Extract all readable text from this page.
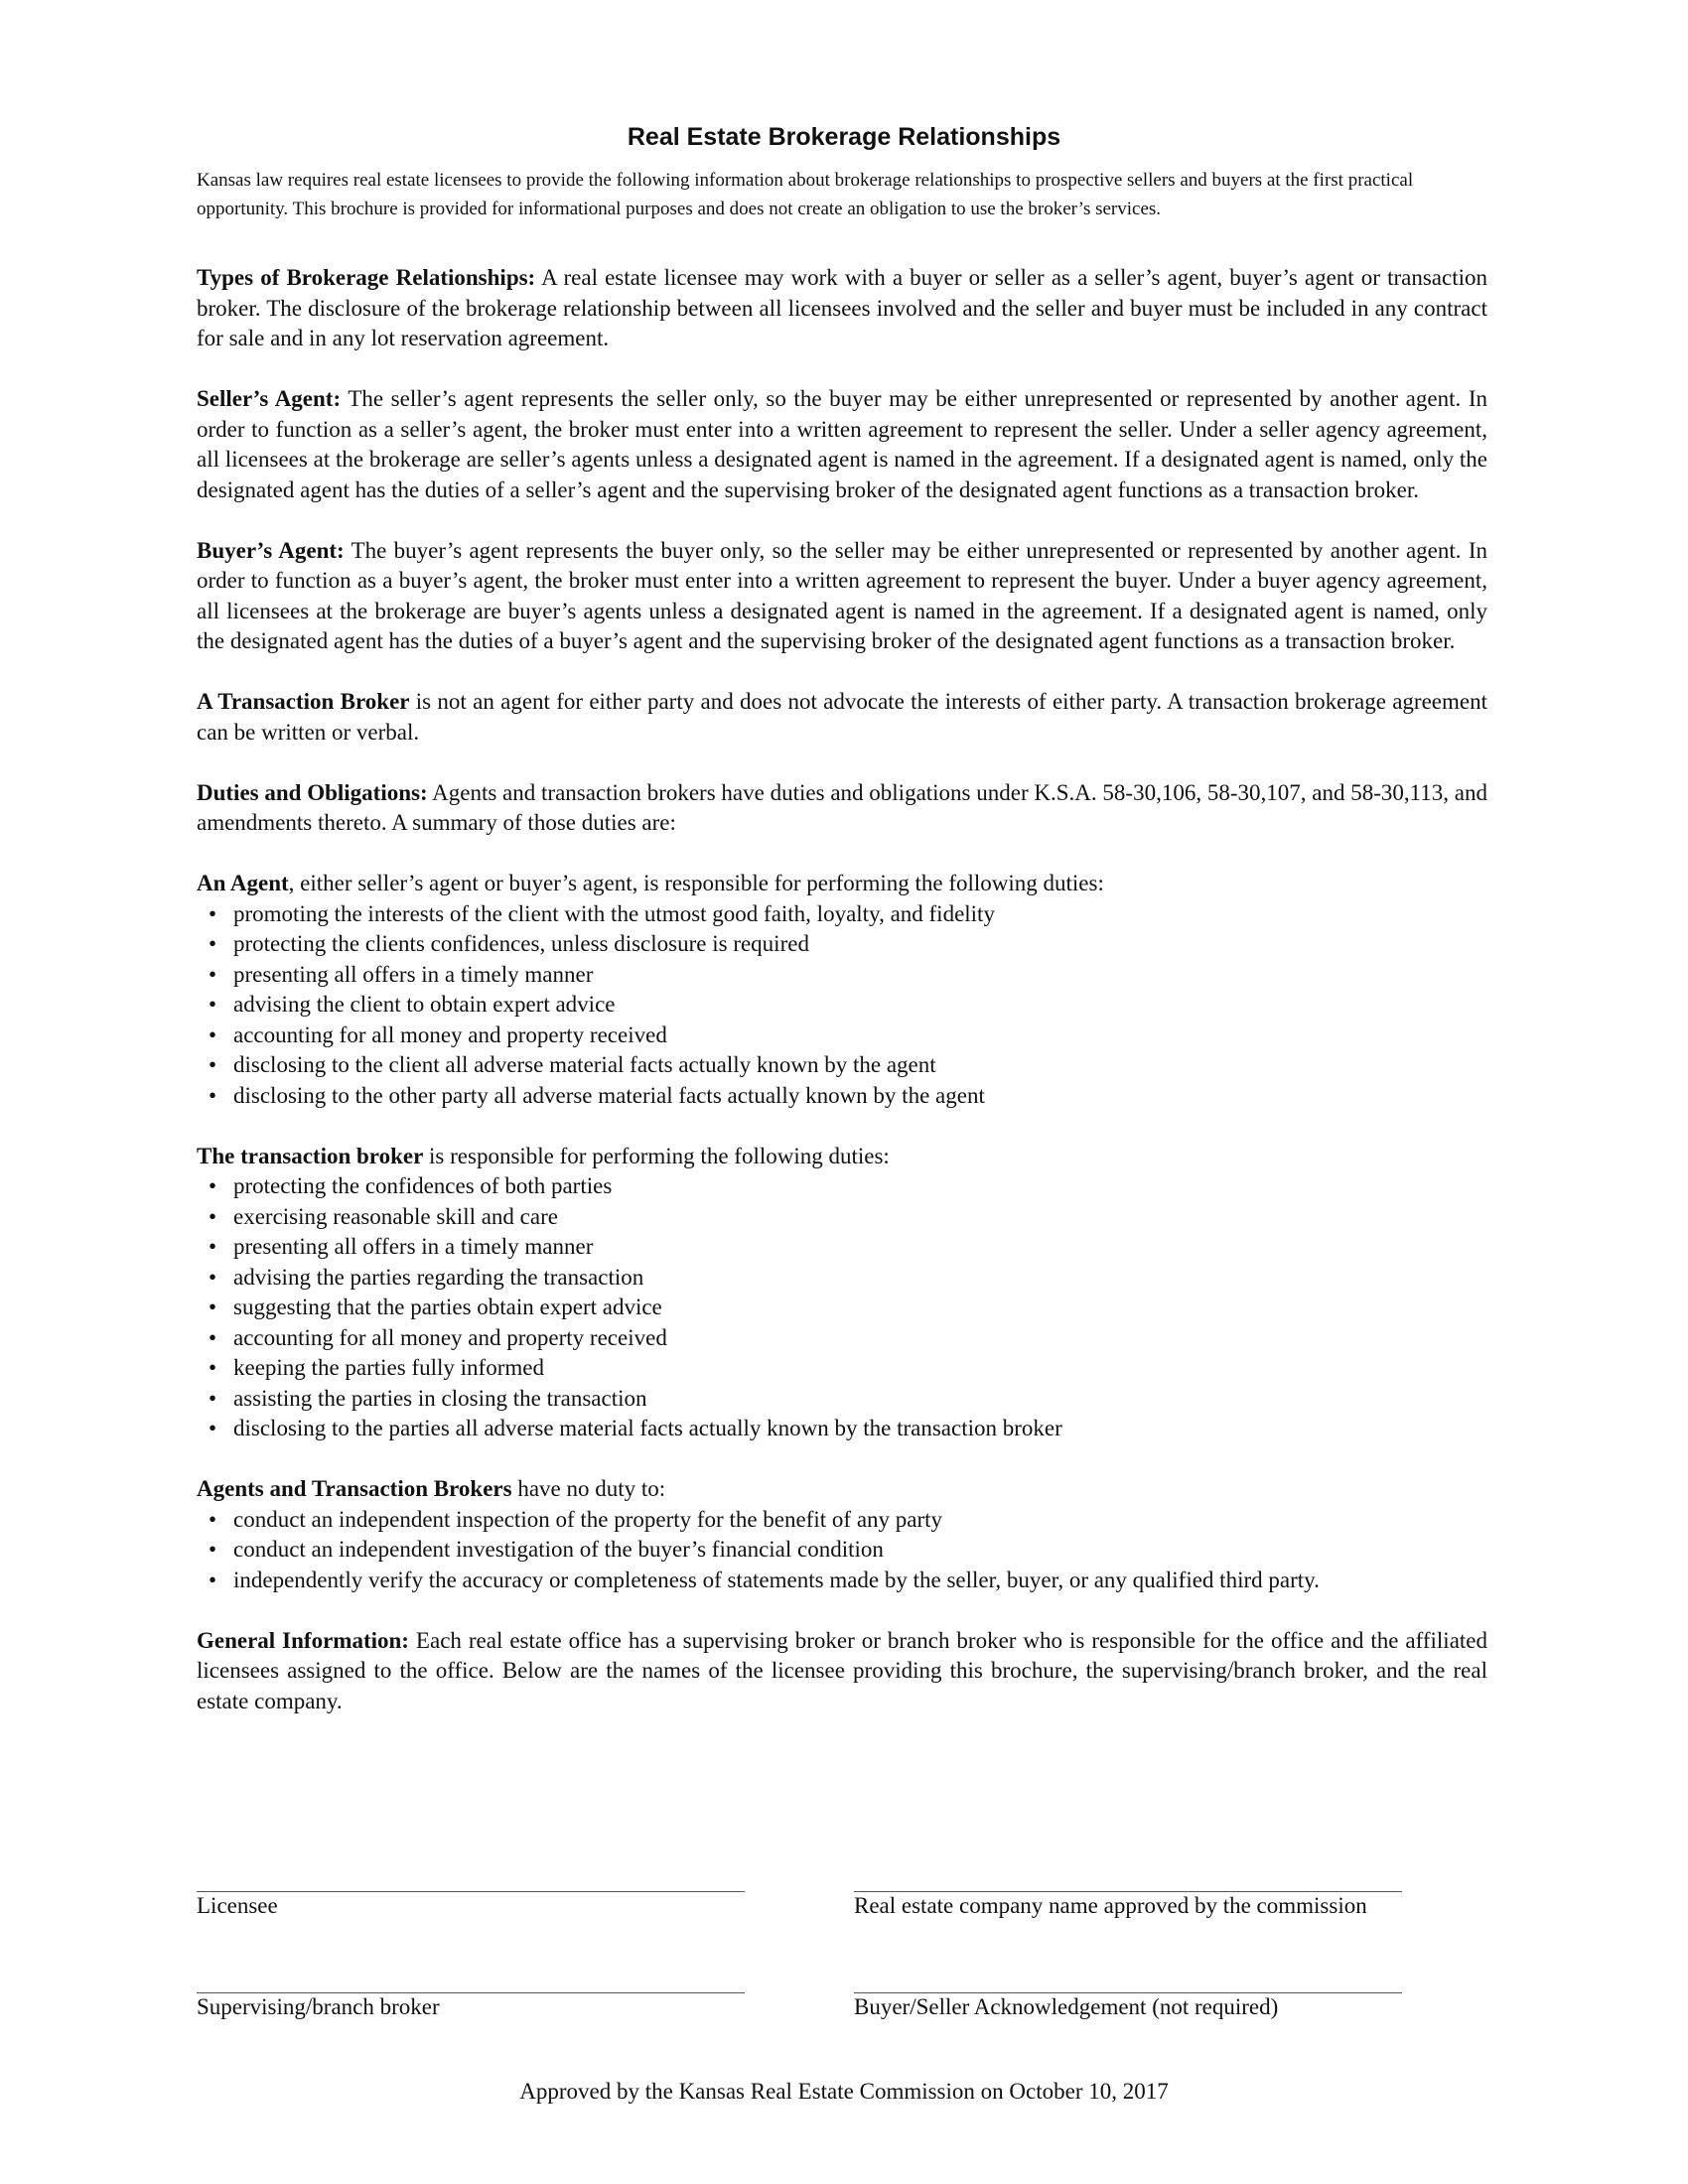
Real Estate Brokerage Relationships

Kansas law requires real estate licensees to provide the following information about brokerage relationships to prospective sellers and buyers at the first practical opportunity. This brochure is provided for informational purposes and does not create an obligation to use the broker’s services.

Types of Brokerage Relationships: A real estate licensee may work with a buyer or seller as a seller’s agent, buyer’s agent or transaction broker. The disclosure of the brokerage relationship between all licensees involved and the seller and buyer must be included in any contract for sale and in any lot reservation agreement.

Seller’s Agent: The seller’s agent represents the seller only, so the buyer may be either unrepresented or represented by another agent. In order to function as a seller’s agent, the broker must enter into a written agreement to represent the seller. Under a seller agency agreement, all licensees at the brokerage are seller’s agents unless a designated agent is named in the agreement. If a designated agent is named, only the designated agent has the duties of a seller’s agent and the supervising broker of the designated agent functions as a transaction broker.

Buyer’s Agent: The buyer’s agent represents the buyer only, so the seller may be either unrepresented or represented by another agent. In order to function as a buyer’s agent, the broker must enter into a written agreement to represent the buyer. Under a buyer agency agreement, all licensees at the brokerage are buyer’s agents unless a designated agent is named in the agreement. If a designated agent is named, only the designated agent has the duties of a buyer’s agent and the supervising broker of the designated agent functions as a transaction broker.

A Transaction Broker is not an agent for either party and does not advocate the interests of either party. A transaction brokerage agreement can be written or verbal.

Duties and Obligations: Agents and transaction brokers have duties and obligations under K.S.A. 58-30,106, 58-30,107, and 58-30,113, and amendments thereto. A summary of those duties are:

An Agent, either seller’s agent or buyer’s agent, is responsible for performing the following duties:

• promoting the interests of the client with the utmost good faith, loyalty, and fidelity
• protecting the clients confidences, unless disclosure is required
• presenting all offers in a timely manner
• advising the client to obtain expert advice
• accounting for all money and property received
• disclosing to the client all adverse material facts actually known by the agent
• disclosing to the other party all adverse material facts actually known by the agent

The transaction broker is responsible for performing the following duties:

• protecting the confidences of both parties
• exercising reasonable skill and care
• presenting all offers in a timely manner
• advising the parties regarding the transaction
• suggesting that the parties obtain expert advice
• accounting for all money and property received
• keeping the parties fully informed
• assisting the parties in closing the transaction
• disclosing to the parties all adverse material facts actually known by the transaction broker

Agents and Transaction Brokers have no duty to:

• conduct an independent inspection of the property for the benefit of any party
• conduct an independent investigation of the buyer’s financial condition
• independently verify the accuracy or completeness of statements made by the seller, buyer, or any qualified third party.

General Information: Each real estate office has a supervising broker or branch broker who is responsible for the office and the affiliated licensees assigned to the office. Below are the names of the licensee providing this brochure, the supervising/branch broker, and the real estate company.

Licensee	Real estate company name approved by the commission
Supervising/branch broker	Buyer/Seller Acknowledgement (not required)
Approved by the Kansas Real Estate Commission on October 10, 2017
